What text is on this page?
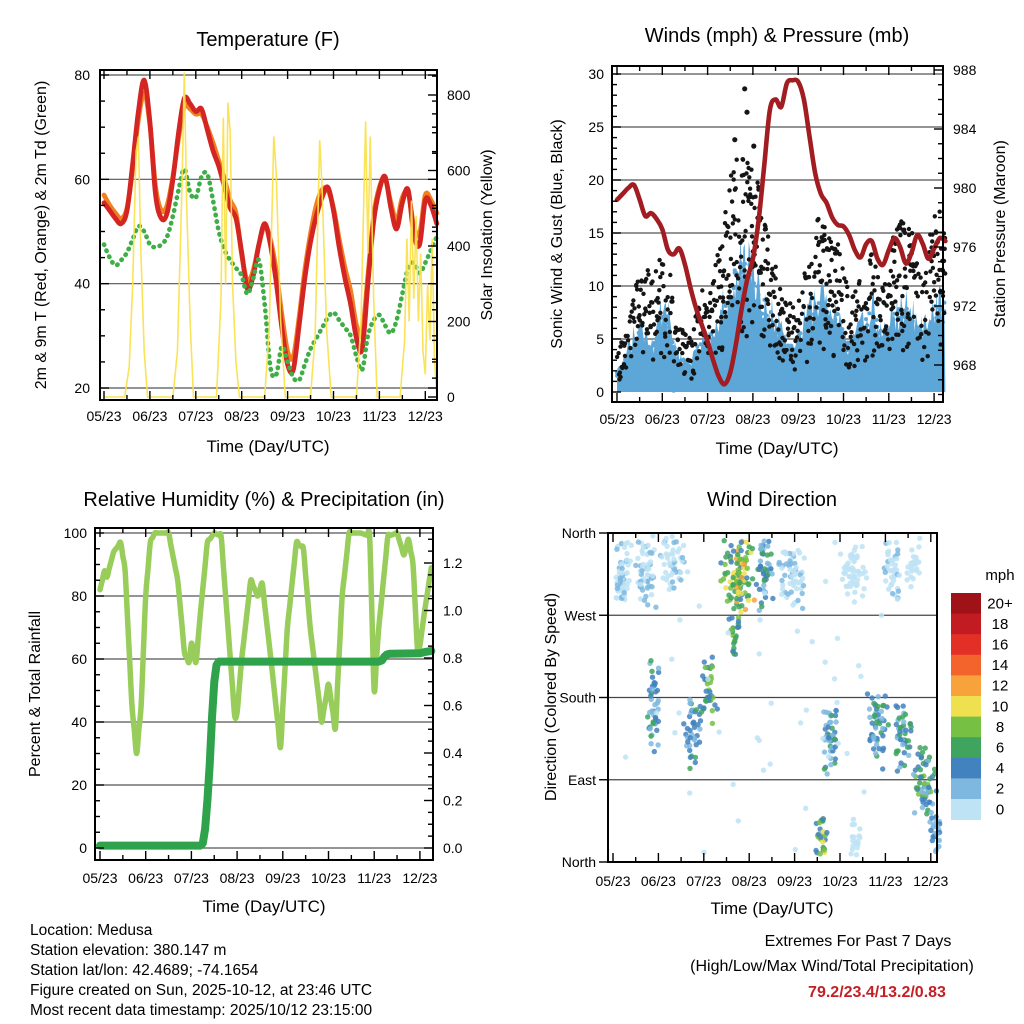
Temperature (F)
2m & 9m T (Red, Orange) & 2m Td (Green)	Solar Insolation (Yellow)
Time (Day/UTC)
20
40
60
80
0
200
400
600
800
05/23 06/23 07/23 08/23 09/23 10/23 11/23 12/23
Winds (mph) & Pressure (mb)
Sonic Wind & Gust (Blue, Black)	Station Pressure (Maroon)
Time (Day/UTC)
0
5
10
15
20
25
30
968
972
976
980
984
988
05/23 06/23 07/23 08/23 09/23 10/23 11/23 12/23
Relative Humidity (%) & Precipitation (in)
Percent & Total Rainfall
Time (Day/UTC)
0
20
40
60
80
100
0.0
0.2
0.4
0.6
0.8
1.0
1.2
05/23 06/23 07/23 08/23 09/23 10/23 11/23 12/23
Wind Direction
Direction (Colored By Speed)
Time (Day/UTC)
mph
North
West
South
East
North
05/23 06/23 07/23 08/23 09/23 10/23 11/23 12/23
20+
18
16
14
12
10
8
6
4
2
0
Location: Medusa
Station elevation: 380.147 m
Station lat/lon: 42.4689; -74.1654
Figure created on Sun, 2025-10-12, at 23:46 UTC
Most recent data timestamp: 2025/10/12 23:15:00
Extremes For Past 7 Days
(High/Low/Max Wind/Total Precipitation)
79.2/23.4/13.2/0.83
